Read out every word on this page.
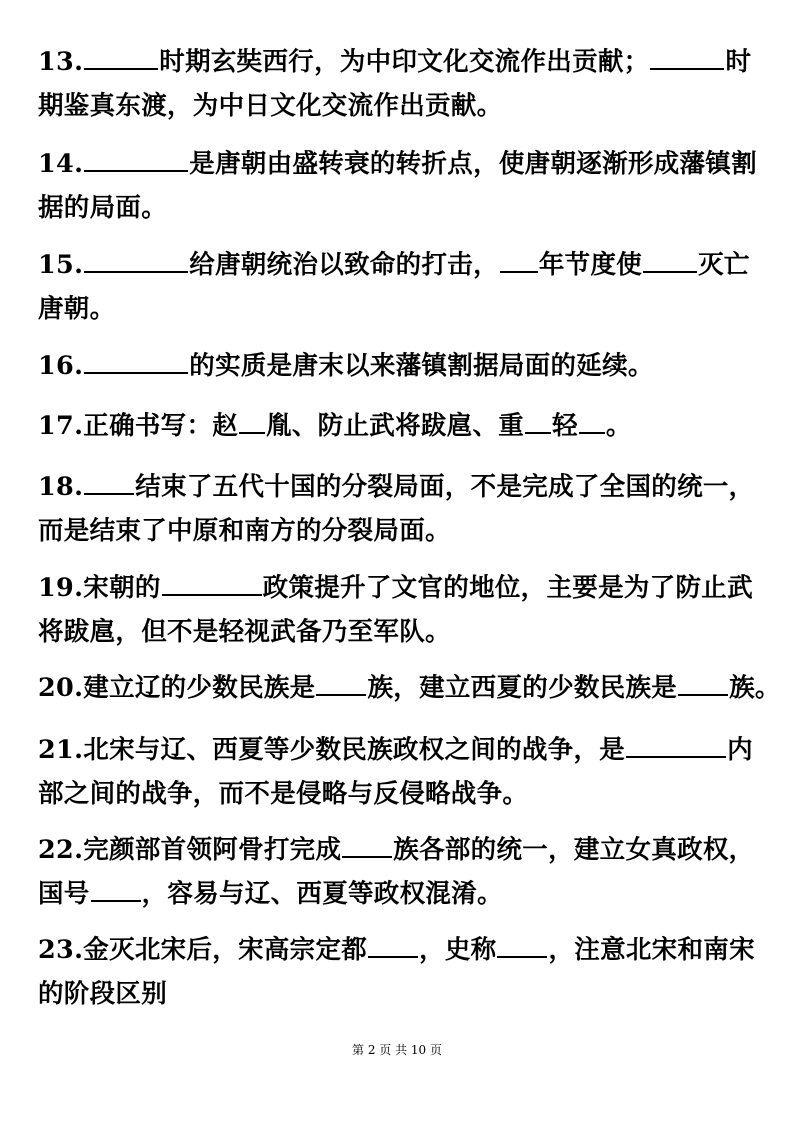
13.	时期玄奘西行，为中印文化交流作出贡献；	时
期鉴真东渡，为中日文化交流作出贡献。
14.	是唐朝由盛转衰的转折点，使唐朝逐渐形成藩镇割
据的局面。
15.	给唐朝统治以致命的打击， 年节度使 灭亡
唐朝。
16.	的实质是唐末以来藩镇割据局面的延续。
17.正确书写：赵 胤、防止武将跋扈、重 轻 。
18. 结束了五代十国的分裂局面，不是完成了全国的统一，
而是结束了中原和南方的分裂局面。
19.宋朝的	政策提升了文官的地位，主要是为了防止武
将跋扈，但不是轻视武备乃至军队。
20.建立辽的少数民族是 族，建立西夏的少数民族是 族。
21.北宋与辽、西夏等少数民族政权之间的战争，是	内
部之间的战争，而不是侵略与反侵略战争。
22.完颜部首领阿骨打完成 族各部的统一，建立女真政权，
国号 ，容易与辽、西夏等政权混淆。
23.金灭北宋后，宋高宗定都 ，史称 ，注意北宋和南宋
的阶段区别
第 2 页 共 10 页
